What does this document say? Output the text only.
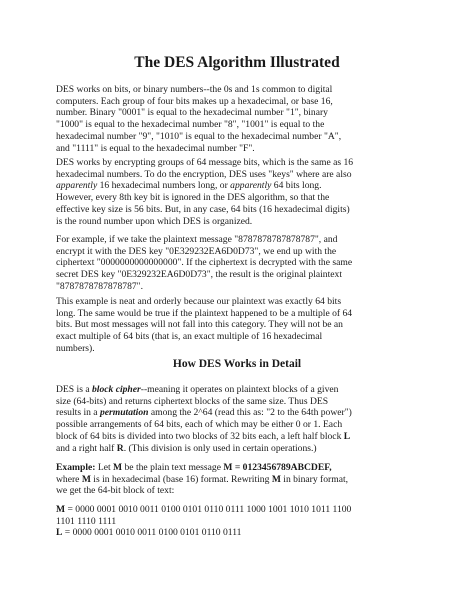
The DES Algorithm Illustrated

DES works on bits, or binary numbers--the 0s and 1s common to digital
computers. Each group of four bits makes up a hexadecimal, or base 16,
number. Binary "0001" is equal to the hexadecimal number "1", binary
"1000" is equal to the hexadecimal number "8", "1001" is equal to the
hexadecimal number "9", "1010" is equal to the hexadecimal number "A",
and "1111" is equal to the hexadecimal number "F".

DES works by encrypting groups of 64 message bits, which is the same as 16
hexadecimal numbers. To do the encryption, DES uses "keys" where are also
apparently 16 hexadecimal numbers long, or apparently 64 bits long.
However, every 8th key bit is ignored in the DES algorithm, so that the
effective key size is 56 bits. But, in any case, 64 bits (16 hexadecimal digits)
is the round number upon which DES is organized.

For example, if we take the plaintext message "8787878787878787", and
encrypt it with the DES key "0E329232EA6D0D73", we end up with the
ciphertext "0000000000000000". If the ciphertext is decrypted with the same
secret DES key "0E329232EA6D0D73", the result is the original plaintext
"8787878787878787".

This example is neat and orderly because our plaintext was exactly 64 bits
long. The same would be true if the plaintext happened to be a multiple of 64
bits. But most messages will not fall into this category. They will not be an
exact multiple of 64 bits (that is, an exact multiple of 16 hexadecimal
numbers).

How DES Works in Detail

DES is a block cipher--meaning it operates on plaintext blocks of a given
size (64-bits) and returns ciphertext blocks of the same size. Thus DES
results in a permutation among the 2^64 (read this as: "2 to the 64th power")
possible arrangements of 64 bits, each of which may be either 0 or 1. Each
block of 64 bits is divided into two blocks of 32 bits each, a left half block L
and a right half R. (This division is only used in certain operations.)

Example: Let M be the plain text message M = 0123456789ABCDEF,
where M is in hexadecimal (base 16) format. Rewriting M in binary format,
we get the 64-bit block of text:

M = 0000 0001 0010 0011 0100 0101 0110 0111 1000 1001 1010 1011 1100
1101 1110 1111
L = 0000 0001 0010 0011 0100 0101 0110 0111
